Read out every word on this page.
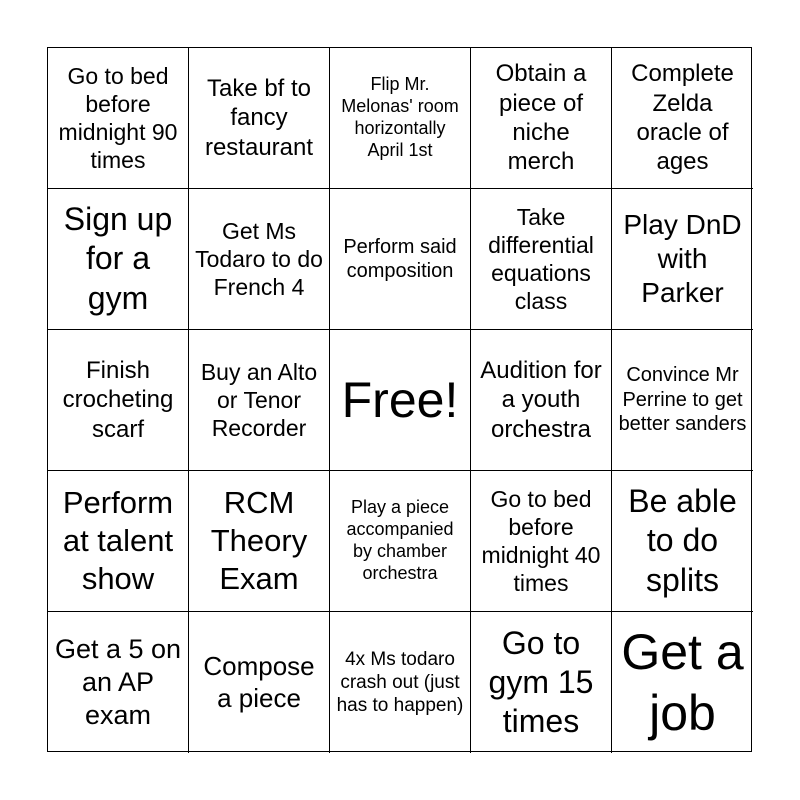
Go to bed before midnight 90 times
Take bf to fancy restaurant
Flip Mr. Melonas' room horizontally April 1st
Obtain a piece of niche merch
Complete Zelda oracle of ages
Sign up for a gym
Get Ms Todaro to do French 4
Perform said composition
Take differential equations class
Play DnD with Parker
Finish crocheting scarf
Buy an Alto or Tenor Recorder
Free!
Audition for a youth orchestra
Convince Mr Perrine to get better sanders
Perform at talent show
RCM Theory Exam
Play a piece accompanied by chamber orchestra
Go to bed before midnight 40 times
Be able to do splits
Get a 5 on an AP exam
Compose a piece
4x Ms todaro crash out (just has to happen)
Go to gym 15 times
Get a job
